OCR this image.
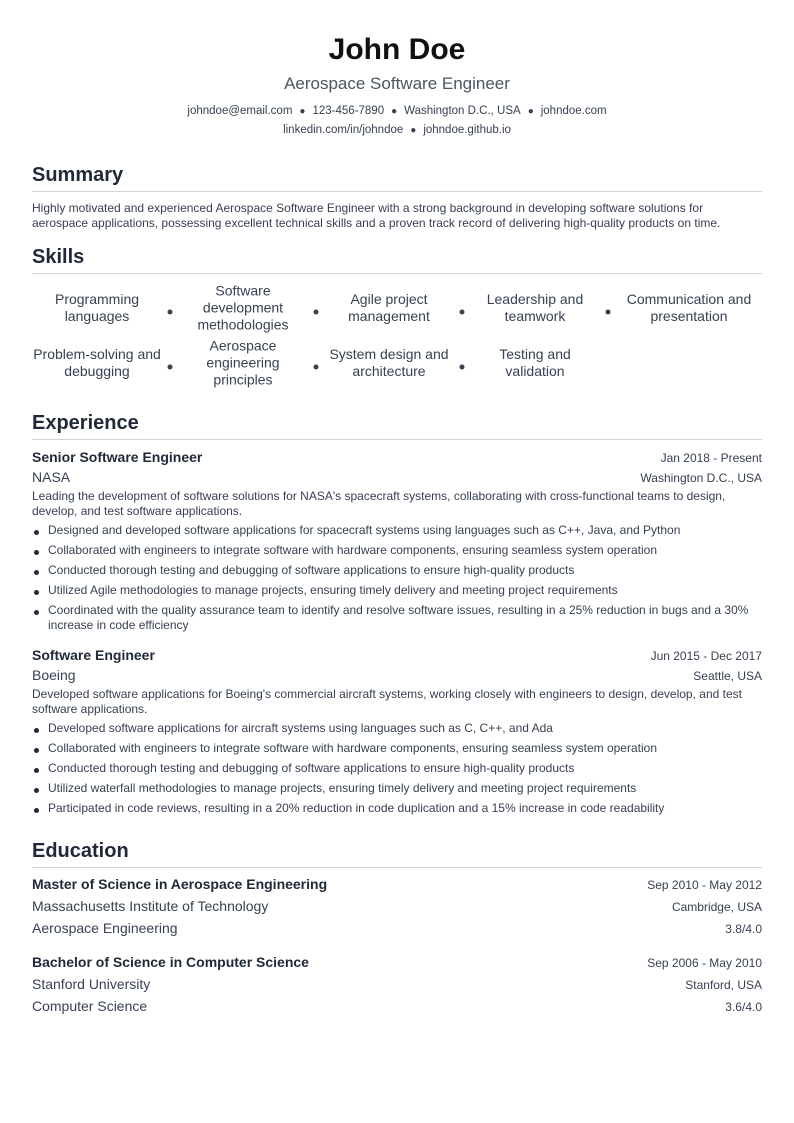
John Doe
Aerospace Software Engineer
johndoe@email.com ● 123-456-7890 ● Washington D.C., USA ● johndoe.com
linkedin.com/in/johndoe ● johndoe.github.io
Summary
Highly motivated and experienced Aerospace Software Engineer with a strong background in developing software solutions for aerospace applications, possessing excellent technical skills and a proven track record of delivering high-quality products on time.
Skills
Programming languages
Software development methodologies
Agile project management
Leadership and teamwork
Communication and presentation
Problem-solving and debugging
Aerospace engineering principles
System design and architecture
Testing and validation
Experience
Senior Software Engineer	Jan 2018 - Present
NASA	Washington D.C., USA
Leading the development of software solutions for NASA's spacecraft systems, collaborating with cross-functional teams to design, develop, and test software applications.
Designed and developed software applications for spacecraft systems using languages such as C++, Java, and Python
Collaborated with engineers to integrate software with hardware components, ensuring seamless system operation
Conducted thorough testing and debugging of software applications to ensure high-quality products
Utilized Agile methodologies to manage projects, ensuring timely delivery and meeting project requirements
Coordinated with the quality assurance team to identify and resolve software issues, resulting in a 25% reduction in bugs and a 30% increase in code efficiency
Software Engineer	Jun 2015 - Dec 2017
Boeing	Seattle, USA
Developed software applications for Boeing's commercial aircraft systems, working closely with engineers to design, develop, and test software applications.
Developed software applications for aircraft systems using languages such as C, C++, and Ada
Collaborated with engineers to integrate software with hardware components, ensuring seamless system operation
Conducted thorough testing and debugging of software applications to ensure high-quality products
Utilized waterfall methodologies to manage projects, ensuring timely delivery and meeting project requirements
Participated in code reviews, resulting in a 20% reduction in code duplication and a 15% increase in code readability
Education
Master of Science in Aerospace Engineering	Sep 2010 - May 2012
Massachusetts Institute of Technology	Cambridge, USA
Aerospace Engineering	3.8/4.0
Bachelor of Science in Computer Science	Sep 2006 - May 2010
Stanford University	Stanford, USA
Computer Science	3.6/4.0
